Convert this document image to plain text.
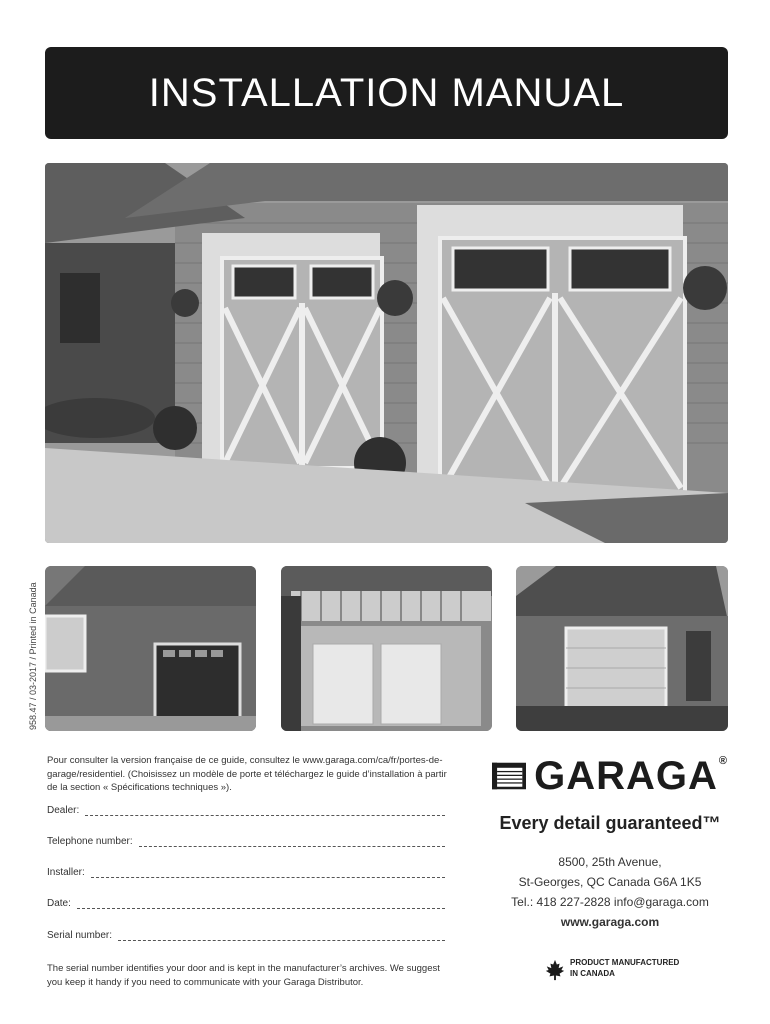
INSTALLATION MANUAL
958.47 / 03-2017 / Printed in Canada
Pour consulter la version française de ce guide, consultez le www.garaga.com/ca/fr/portes-de-garage/residentiel. (Choisissez un modèle de porte et téléchargez le guide d’installation à partir de la section « Spécifications techniques »).
Dealer:
Telephone number:
Installer:
Date:
Serial number:
The serial number identifies your door and is kept in the manufacturer’s archives. We suggest you keep it handy if you need to communicate with your Garaga Distributor.
GARAGA®
Every detail guaranteed™
8500, 25th Avenue,
St-Georges, QC Canada G6A 1K5
Tel.: 418 227-2828 info@garaga.com
www.garaga.com
PRODUCT MANUFACTURED
IN CANADA
